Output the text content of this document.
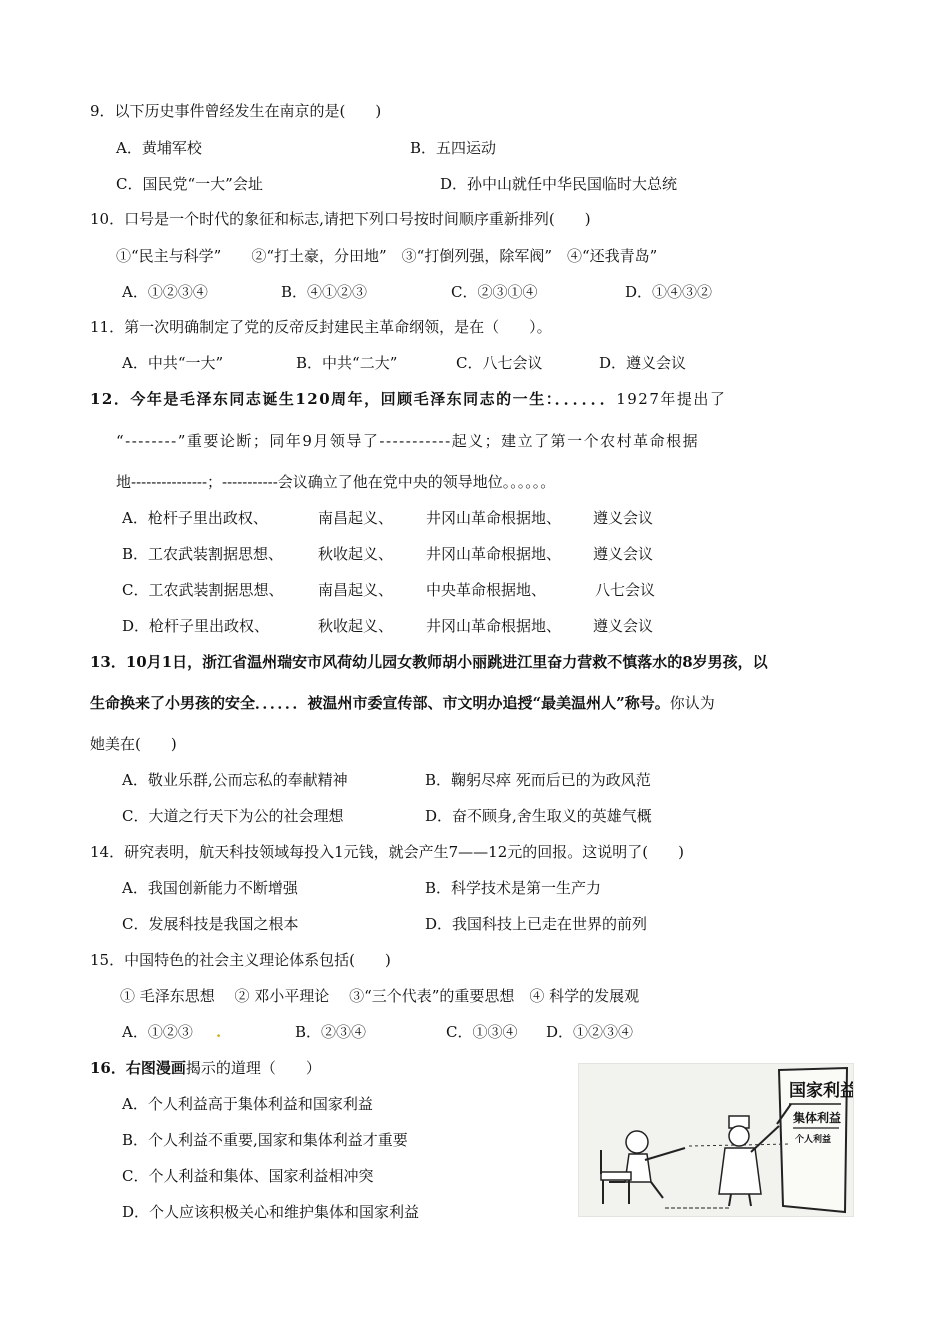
9．以下历史事件曾经发生在南京的是(　　)
A．黄埔军校	B．五四运动
C．国民党“一大”会址	D．孙中山就任中华民国临时大总统
10．口号是一个时代的象征和标志,请把下列口号按时间顺序重新排列(　　)
①“民主与科学”　　②“打土豪，分田地”　③“打倒列强，除军阀”　④“还我青岛”
A．①②③④	B．④①②③	C．②③①④	D．①④③②
11．第一次明确制定了党的反帝反封建民主革命纲领，是在（　　）。
A．中共“一大”	B．中共“二大”	C．八七会议	D．遵义会议
12．今年是毛泽东同志诞生120周年，回顾毛泽东同志的一生：．．．．．．1927年提出了
“--------”重要论断；同年9月领导了-----------起义；建立了第一个农村革命根据
地---------------；-----------会议确立了他在党中央的领导地位。。。。。。
A．枪杆子里出政权、	南昌起义、 井冈山革命根据地、 遵义会议
B．工农武装割据思想、 秋收起义、 井冈山革命根据地、 遵义会议
C．工农武装割据思想、 南昌起义、 中央革命根据地、	八七会议
D．枪杆子里出政权、	秋收起义、 井冈山革命根据地、 遵义会议
13．10月1日，浙江省温州瑞安市风荷幼儿园女教师胡小丽跳进江里奋力营救不慎落水的8岁男孩，以
生命换来了小男孩的安全．．．．．．被温州市委宣传部、市文明办追授“最美温州人”称号。你认为
她美在(　　)
A．敬业乐群,公而忘私的奉献精神	B．鞠躬尽瘁 死而后已的为政风范
C．大道之行天下为公的社会理想	D．奋不顾身,舍生取义的英雄气概
14．研究表明，航天科技领域每投入1元钱，就会产生7——12元的回报。这说明了(　　)
A．我国创新能力不断增强	B．科学技术是第一生产力
C．发展科技是我国之根本	D．我国科技上已走在世界的前列
15．中国特色的社会主义理论体系包括(　　)
① 毛泽东思想　 ② 邓小平理论　 ③“三个代表”的重要思想　④ 科学的发展观
A．①②③ .	B．②③④	C．①③④ D．①②③④
16．右图漫画揭示的道理（　　）
A．个人利益高于集体利益和国家利益
B．个人利益不重要,国家和集体利益才重要
C．个人利益和集体、国家利益相冲突
D．个人应该积极关心和维护集体和国家利益
国家利益
集体利益
个人利益
